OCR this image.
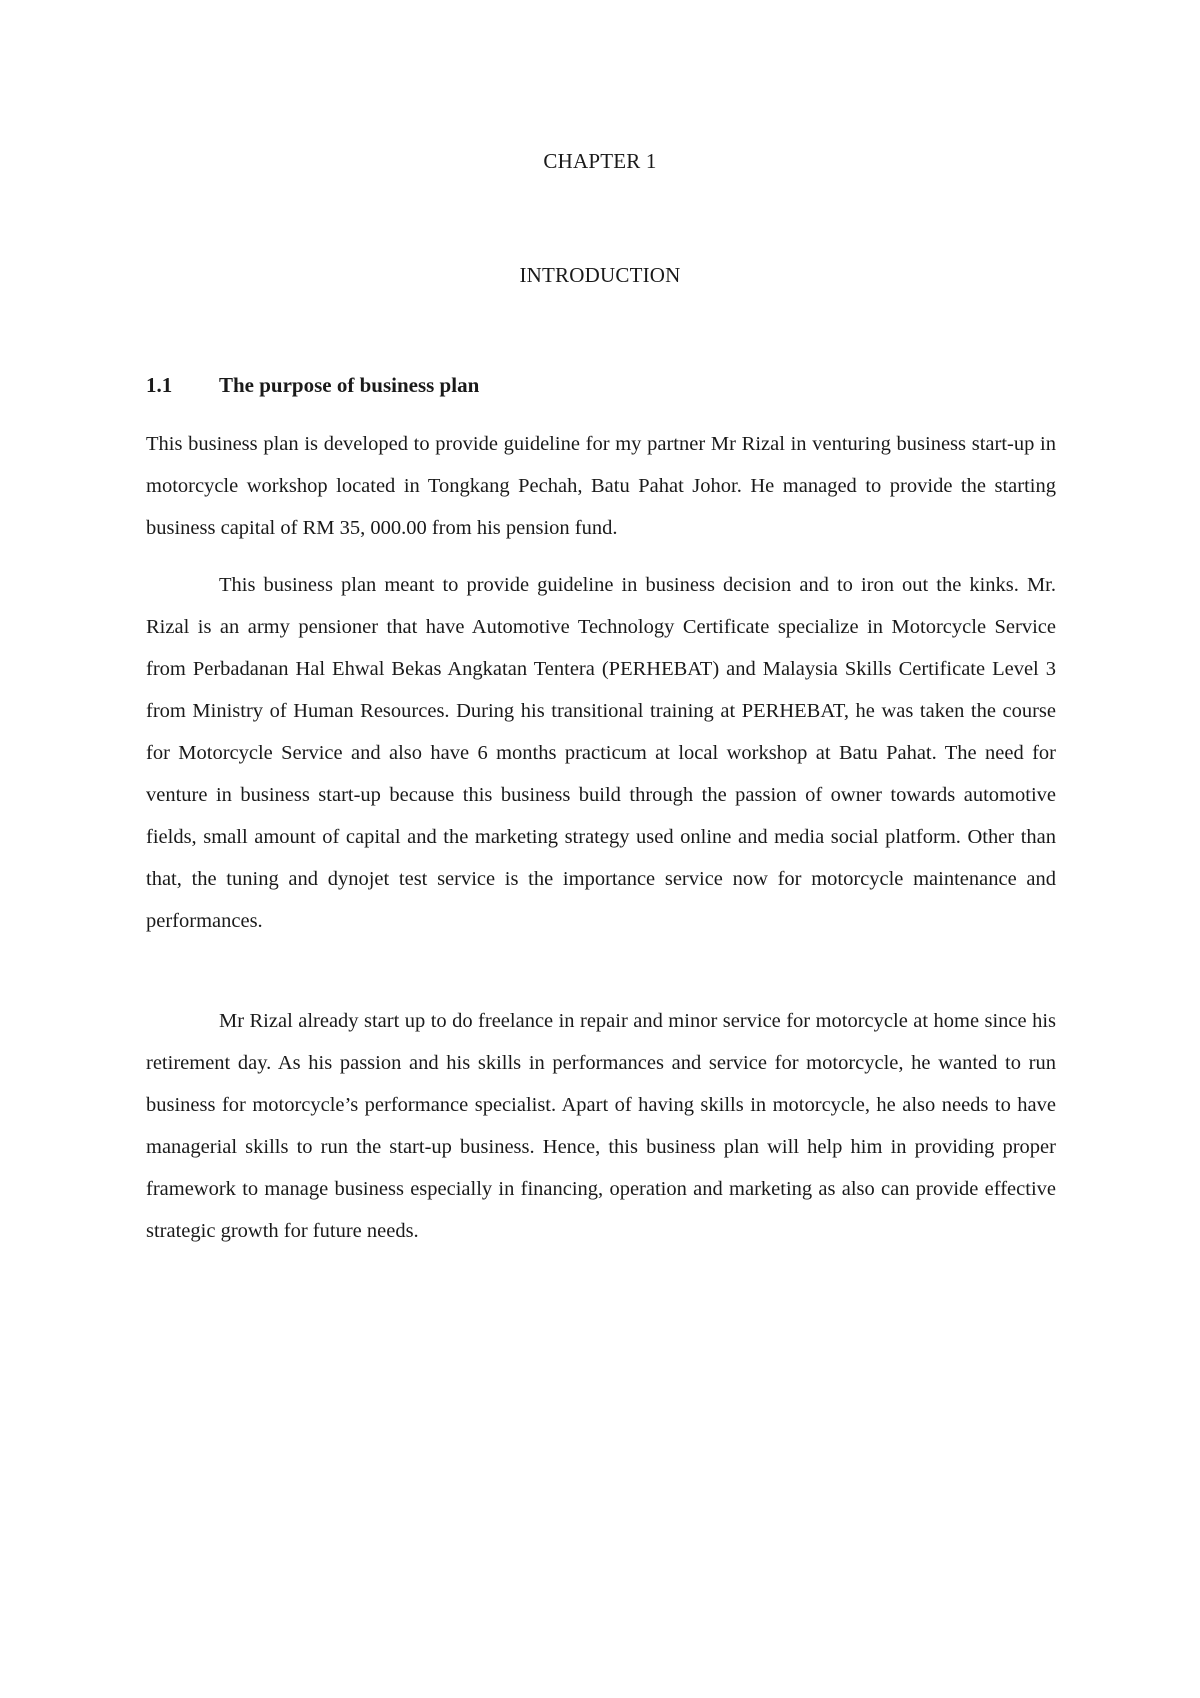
CHAPTER 1
INTRODUCTION
1.1 The purpose of business plan

This business plan is developed to provide guideline for my partner Mr Rizal in venturing business start-up in motorcycle workshop located in Tongkang Pechah, Batu Pahat Johor. He managed to provide the starting business capital of RM 35, 000.00 from his pension fund.

This business plan meant to provide guideline in business decision and to iron out the kinks. Mr. Rizal is an army pensioner that have Automotive Technology Certificate specialize in Motorcycle Service from Perbadanan Hal Ehwal Bekas Angkatan Tentera (PERHEBAT) and Malaysia Skills Certificate Level 3 from Ministry of Human Resources. During his transitional training at PERHEBAT, he was taken the course for Motorcycle Service and also have 6 months practicum at local workshop at Batu Pahat. The need for venture in business start-up because this business build through the passion of owner towards automotive fields, small amount of capital and the marketing strategy used online and media social platform. Other than that, the tuning and dynojet test service is the importance service now for motorcycle maintenance and performances.

Mr Rizal already start up to do freelance in repair and minor service for motorcycle at home since his retirement day. As his passion and his skills in performances and service for motorcycle, he wanted to run business for motorcycle’s performance specialist. Apart of having skills in motorcycle, he also needs to have managerial skills to run the start-up business. Hence, this business plan will help him in providing proper framework to manage business especially in financing, operation and marketing as also can provide effective strategic growth for future needs.
